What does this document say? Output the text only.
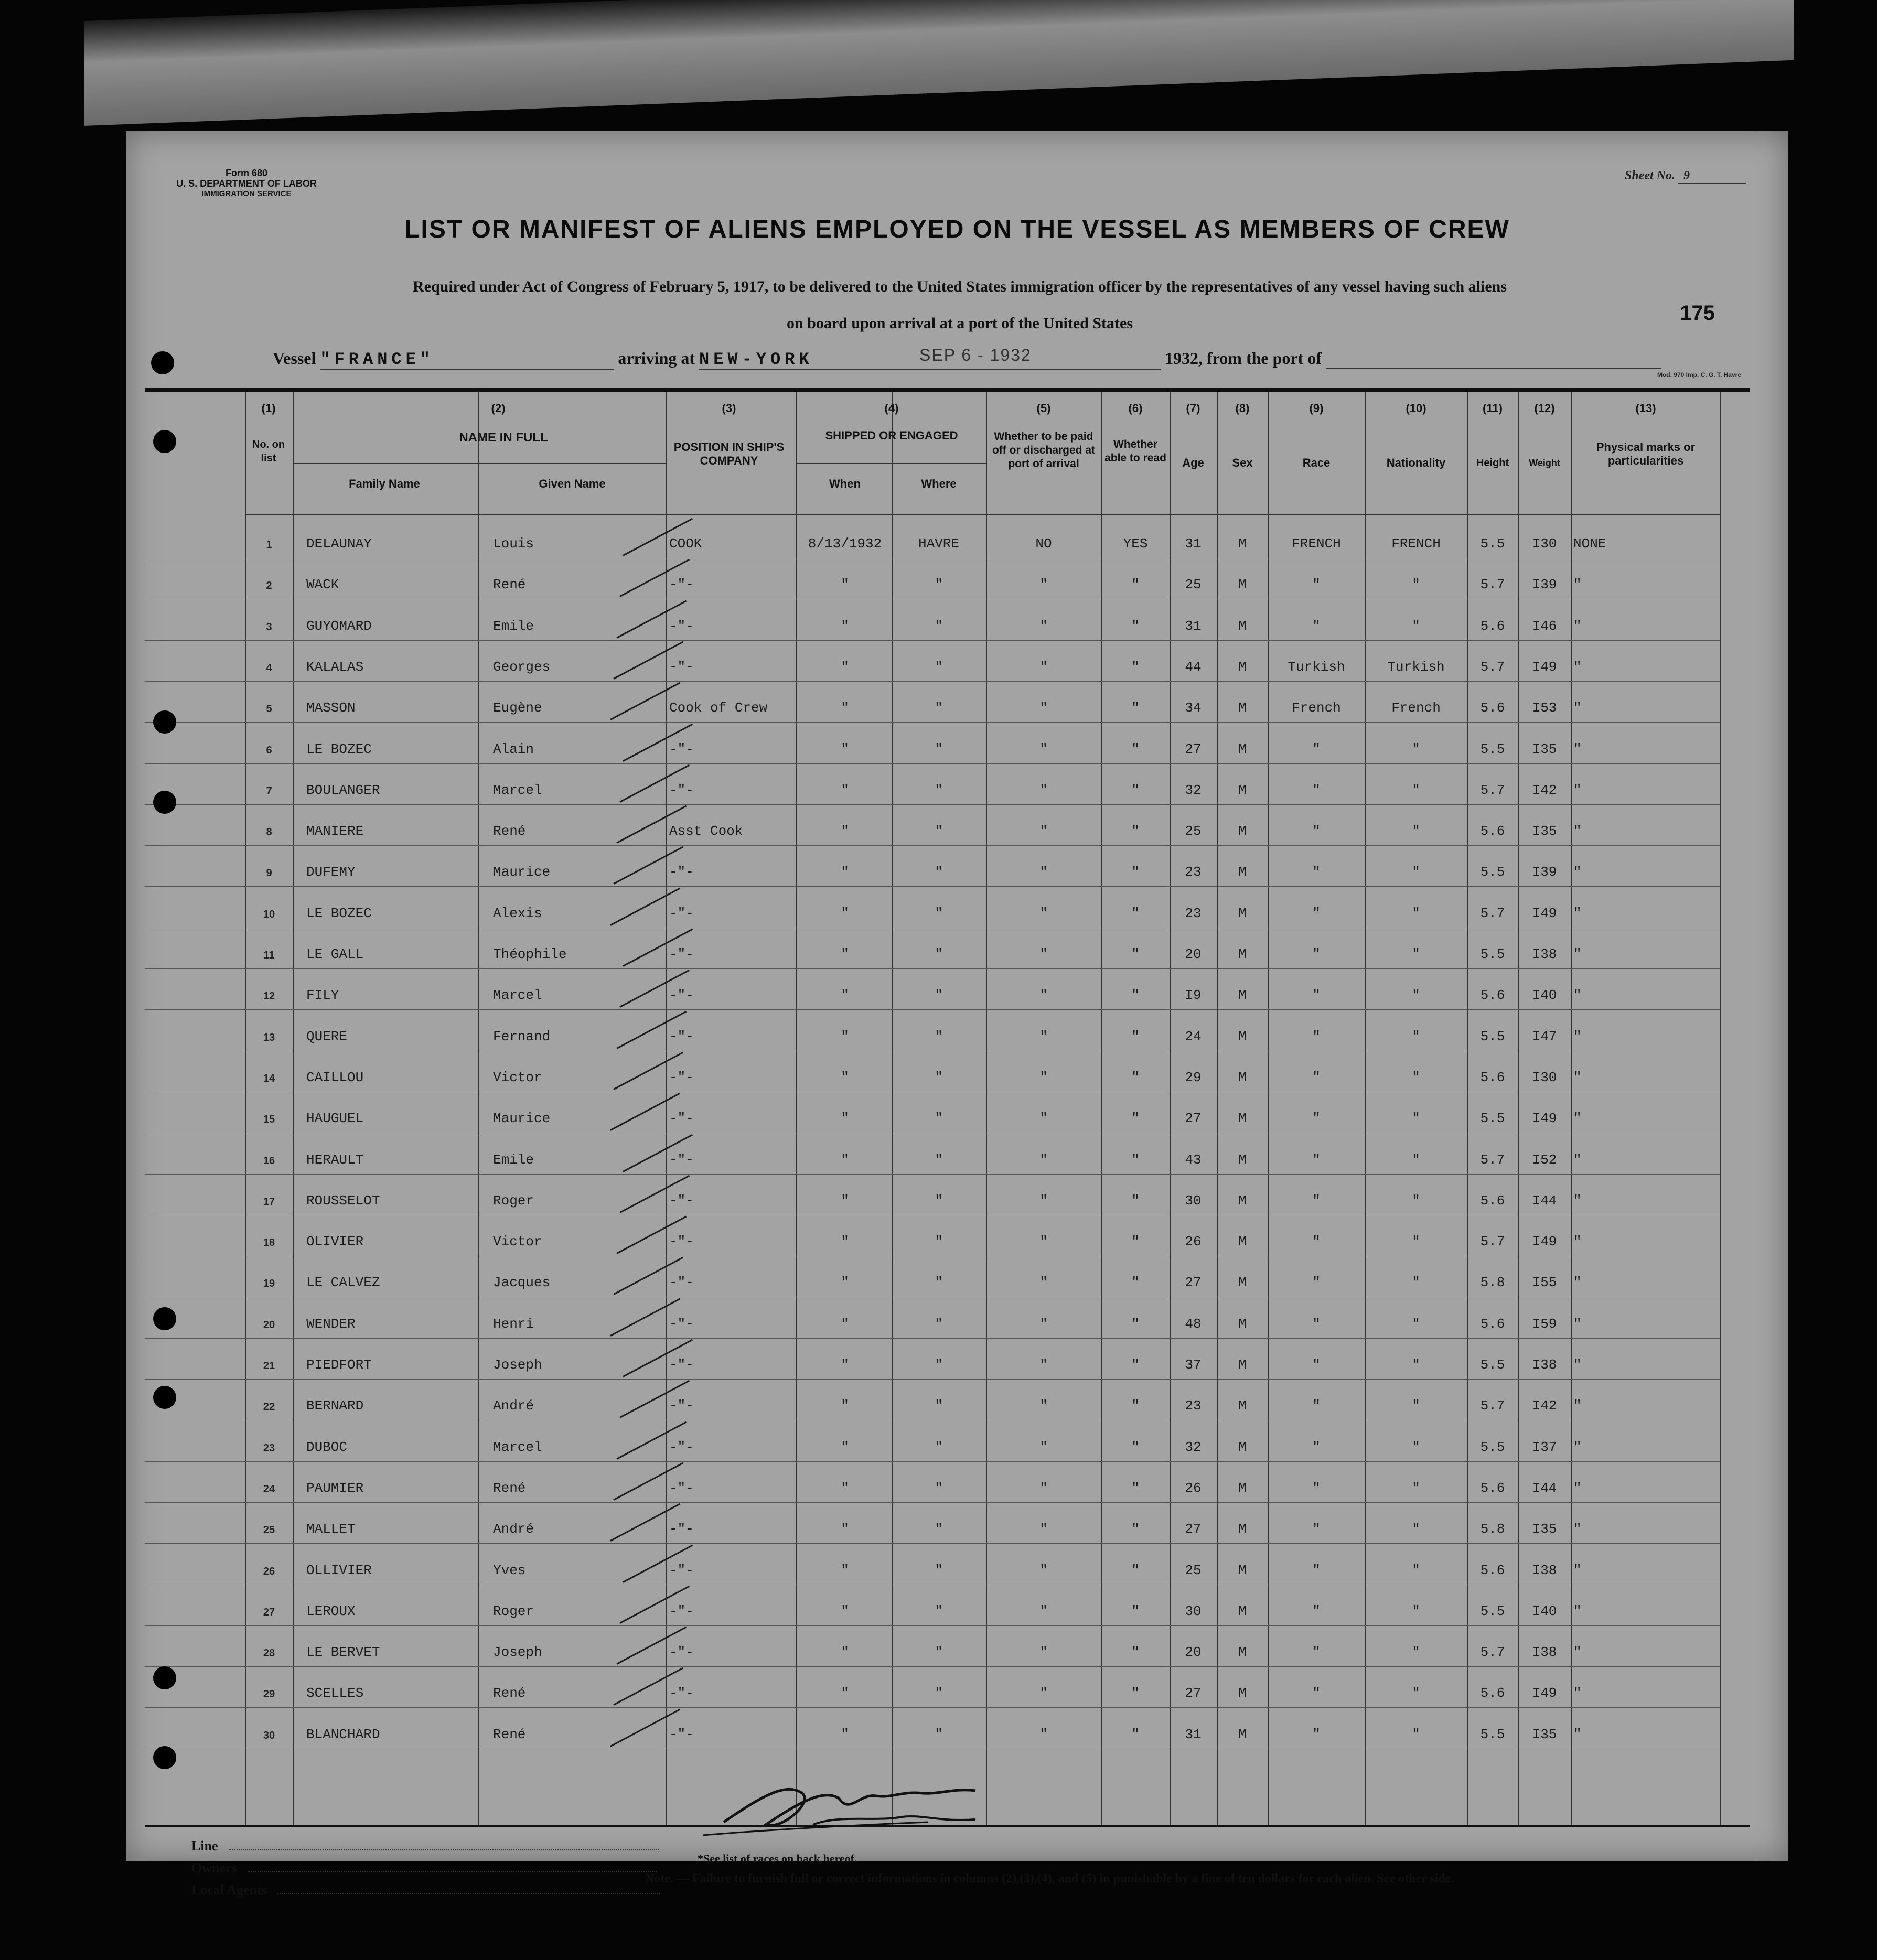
Form 680
U. S. DEPARTMENT OF LABOR
IMMIGRATION SERVICE
Sheet No. 9
LIST OR MANIFEST OF ALIENS EMPLOYED ON THE VESSEL AS MEMBERS OF CREW
Required under Act of Congress of February 5, 1917, to be delivered to the United States immigration officer by the representatives of any vessel having such aliens
on board upon arrival at a port of the United States	175
Vessel "FRANCE"	arriving at NEW-YORK	SEP 6 - 1932	1932, from the port of
Mod. 970 Imp. C. G. T. Havre
(1)
No. on list
(2)
NAME IN FULL
Family Name	Given Name
(3)
POSITION IN SHIP'S COMPANY
(4)
SHIPPED OR ENGAGED
When	Where
(5)
Whether to be paid off or discharged at port of arrival
(6)
Whether able to read
(7)
Age
(8)
Sex
(9)
Race
(10)
Nationality
(11)
Height
(12)
Weight
(13)
Physical marks or particularities
1	DELAUNAY	Louis	COOK	8/13/1932	HAVRE	NO	YES	31	M	FRENCH	FRENCH	5.5	I30	NONE
2	WACK	René	-"-	"	"	"	"	25	M	"	"	5.7	I39	"
3	GUYOMARD	Emile	-"-	"	"	"	"	31	M	"	"	5.6	I46	"
4	KALALAS	Georges	-"-	"	"	"	"	44	M	Turkish	Turkish	5.7	I49	"
5	MASSON	Eugène	Cook of Crew	"	"	"	"	34	M	French	French	5.6	I53	"
6	LE BOZEC	Alain	-"-	"	"	"	"	27	M	"	"	5.5	I35	"
7	BOULANGER	Marcel	-"-	"	"	"	"	32	M	"	"	5.7	I42	"
8	MANIERE	René	Asst Cook	"	"	"	"	25	M	"	"	5.6	I35	"
9	DUFEMY	Maurice	-"-	"	"	"	"	23	M	"	"	5.5	I39	"
10	LE BOZEC	Alexis	-"-	"	"	"	"	23	M	"	"	5.7	I49	"
11	LE GALL	Théophile	-"-	"	"	"	"	20	M	"	"	5.5	I38	"
12	FILY	Marcel	-"-	"	"	"	"	I9	M	"	"	5.6	I40	"
13	QUERE	Fernand	-"-	"	"	"	"	24	M	"	"	5.5	I47	"
14	CAILLOU	Victor	-"-	"	"	"	"	29	M	"	"	5.6	I30	"
15	HAUGUEL	Maurice	-"-	"	"	"	"	27	M	"	"	5.5	I49	"
16	HERAULT	Emile	-"-	"	"	"	"	43	M	"	"	5.7	I52	"
17	ROUSSELOT	Roger	-"-	"	"	"	"	30	M	"	"	5.6	I44	"
18	OLIVIER	Victor	-"-	"	"	"	"	26	M	"	"	5.7	I49	"
19	LE CALVEZ	Jacques	-"-	"	"	"	"	27	M	"	"	5.8	I55	"
20	WENDER	Henri	-"-	"	"	"	"	48	M	"	"	5.6	I59	"
21	PIEDFORT	Joseph	-"-	"	"	"	"	37	M	"	"	5.5	I38	"
22	BERNARD	André	-"-	"	"	"	"	23	M	"	"	5.7	I42	"
23	DUBOC	Marcel	-"-	"	"	"	"	32	M	"	"	5.5	I37	"
24	PAUMIER	René	-"-	"	"	"	"	26	M	"	"	5.6	I44	"
25	MALLET	André	-"-	"	"	"	"	27	M	"	"	5.8	I35	"
26	OLLIVIER	Yves	-"-	"	"	"	"	25	M	"	"	5.6	I38	"
27	LEROUX	Roger	-"-	"	"	"	"	30	M	"	"	5.5	I40	"
28	LE BERVET	Joseph	-"-	"	"	"	"	20	M	"	"	5.7	I38	"
29	SCELLES	René	-"-	"	"	"	"	27	M	"	"	5.6	I49	"
30	BLANCHARD	René	-"-	"	"	"	"	31	M	"	"	5.5	I35	"
Line
Owners
Local Agents
*See list of races on back hereof.
Note. — Failure to furnish full or correct informations in columns (2),(3),(4), and (5) in punishable by a fine of ten dollars for each alien. See other side.
